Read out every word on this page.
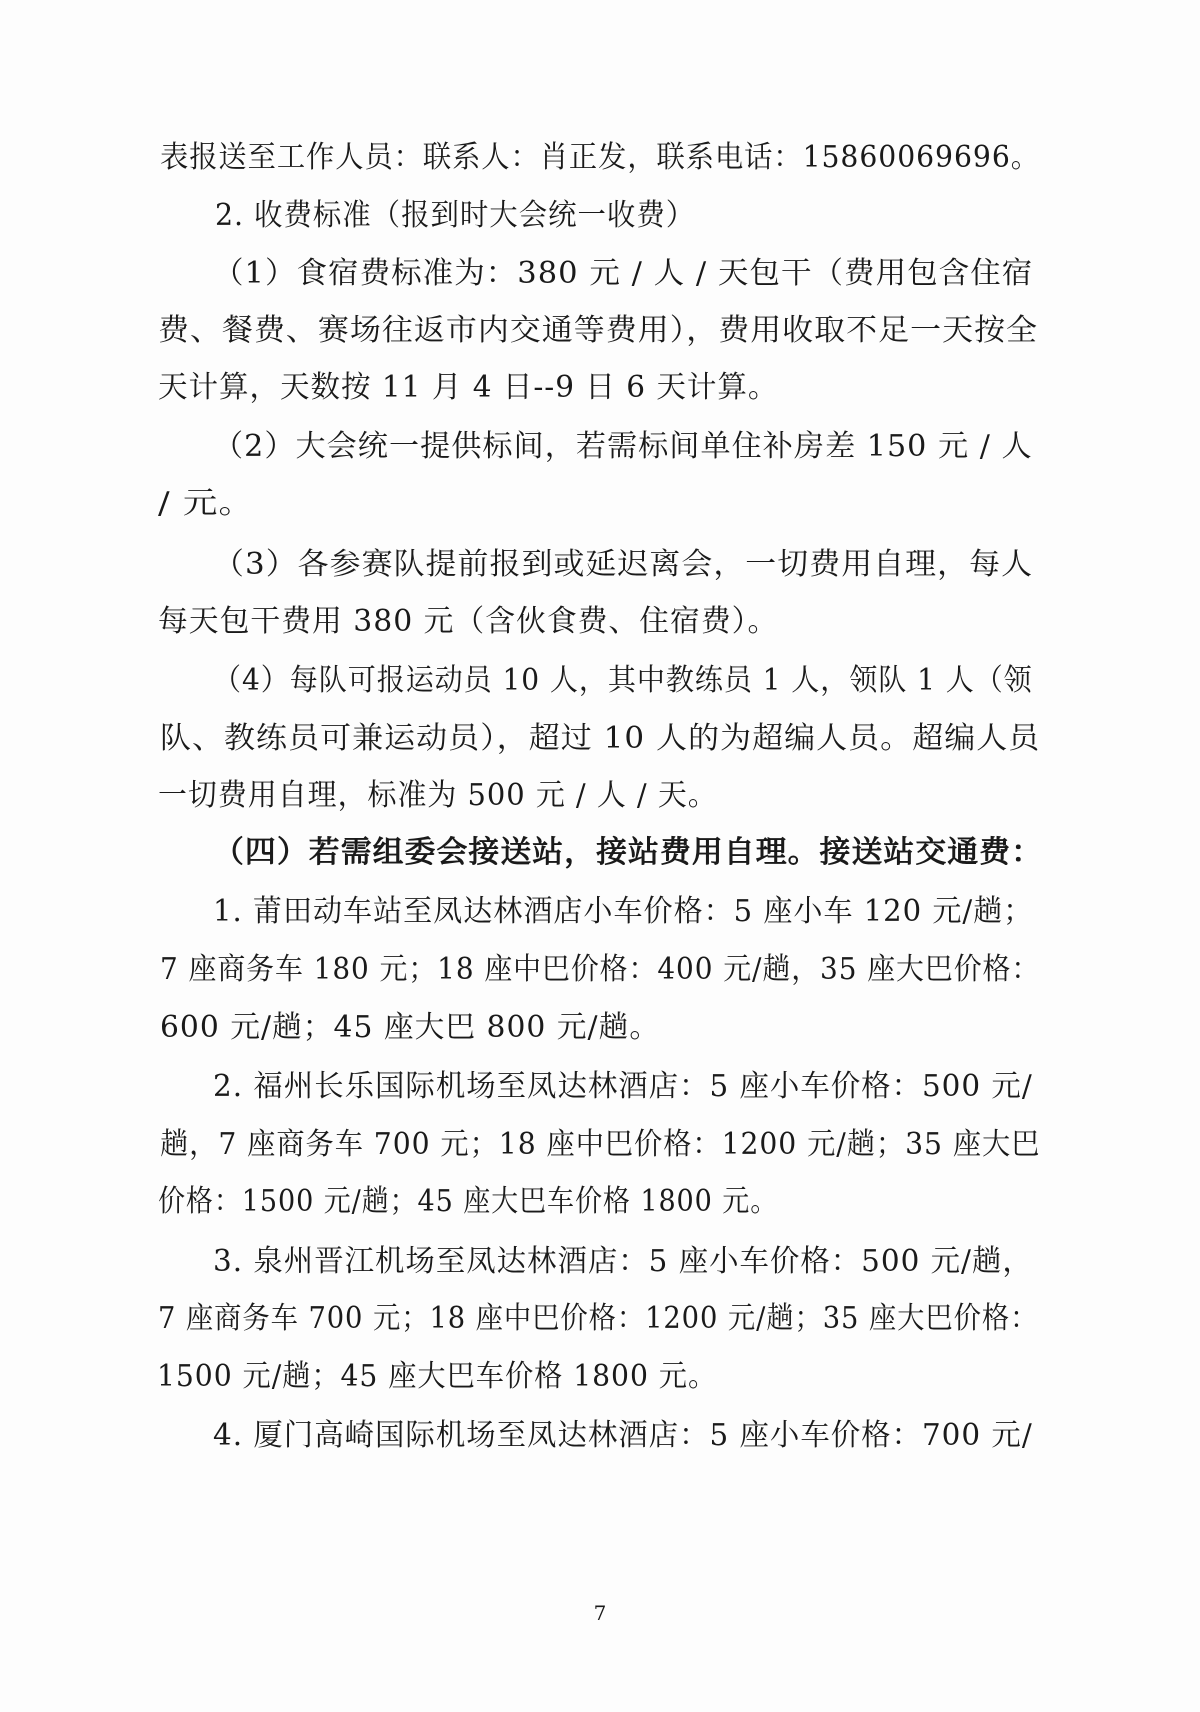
表报送至工作人员：联系人：肖正发，联系电话：15860069696。
2. 收费标准（报到时大会统一收费）
（1）食宿费标准为：380 元 / 人 / 天包干（费用包含住宿
费、餐费、赛场往返市内交通等费用），费用收取不足一天按全
天计算，天数按 11 月 4 日--9 日 6 天计算。
（2）大会统一提供标间，若需标间单住补房差 150 元 / 人
/ 元。
（3）各参赛队提前报到或延迟离会，一切费用自理，每人
每天包干费用 380 元（含伙食费、住宿费）。
（4）每队可报运动员 10 人，其中教练员 1 人，领队 1 人（领
队、教练员可兼运动员），超过 10 人的为超编人员。超编人员
一切费用自理，标准为 500 元 / 人 / 天。
（四）若需组委会接送站，接站费用自理。接送站交通费：
1. 莆田动车站至凤达林酒店小车价格：5 座小车 120 元/趟；
7 座商务车 180 元；18 座中巴价格：400 元/趟，35 座大巴价格：
600 元/趟；45 座大巴 800 元/趟。
2. 福州长乐国际机场至凤达林酒店：5 座小车价格：500 元/
趟，7 座商务车 700 元；18 座中巴价格：1200 元/趟；35 座大巴
价格：1500 元/趟；45 座大巴车价格 1800 元。
3. 泉州晋江机场至凤达林酒店：5 座小车价格：500 元/趟，
7 座商务车 700 元；18 座中巴价格：1200 元/趟；35 座大巴价格：
1500 元/趟；45 座大巴车价格 1800 元。
4. 厦门高崎国际机场至凤达林酒店：5 座小车价格：700 元/
7
